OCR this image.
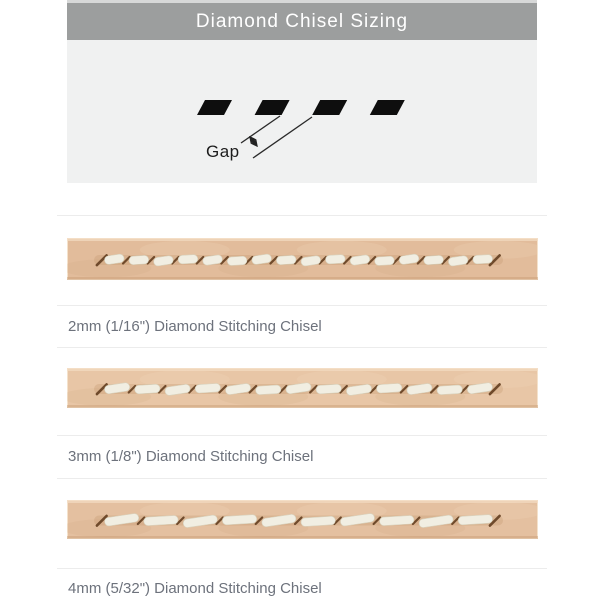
Diamond Chisel Sizing
Gap
2mm (1/16") Diamond Stitching Chisel
3mm (1/8") Diamond Stitching Chisel
4mm (5/32") Diamond Stitching Chisel
